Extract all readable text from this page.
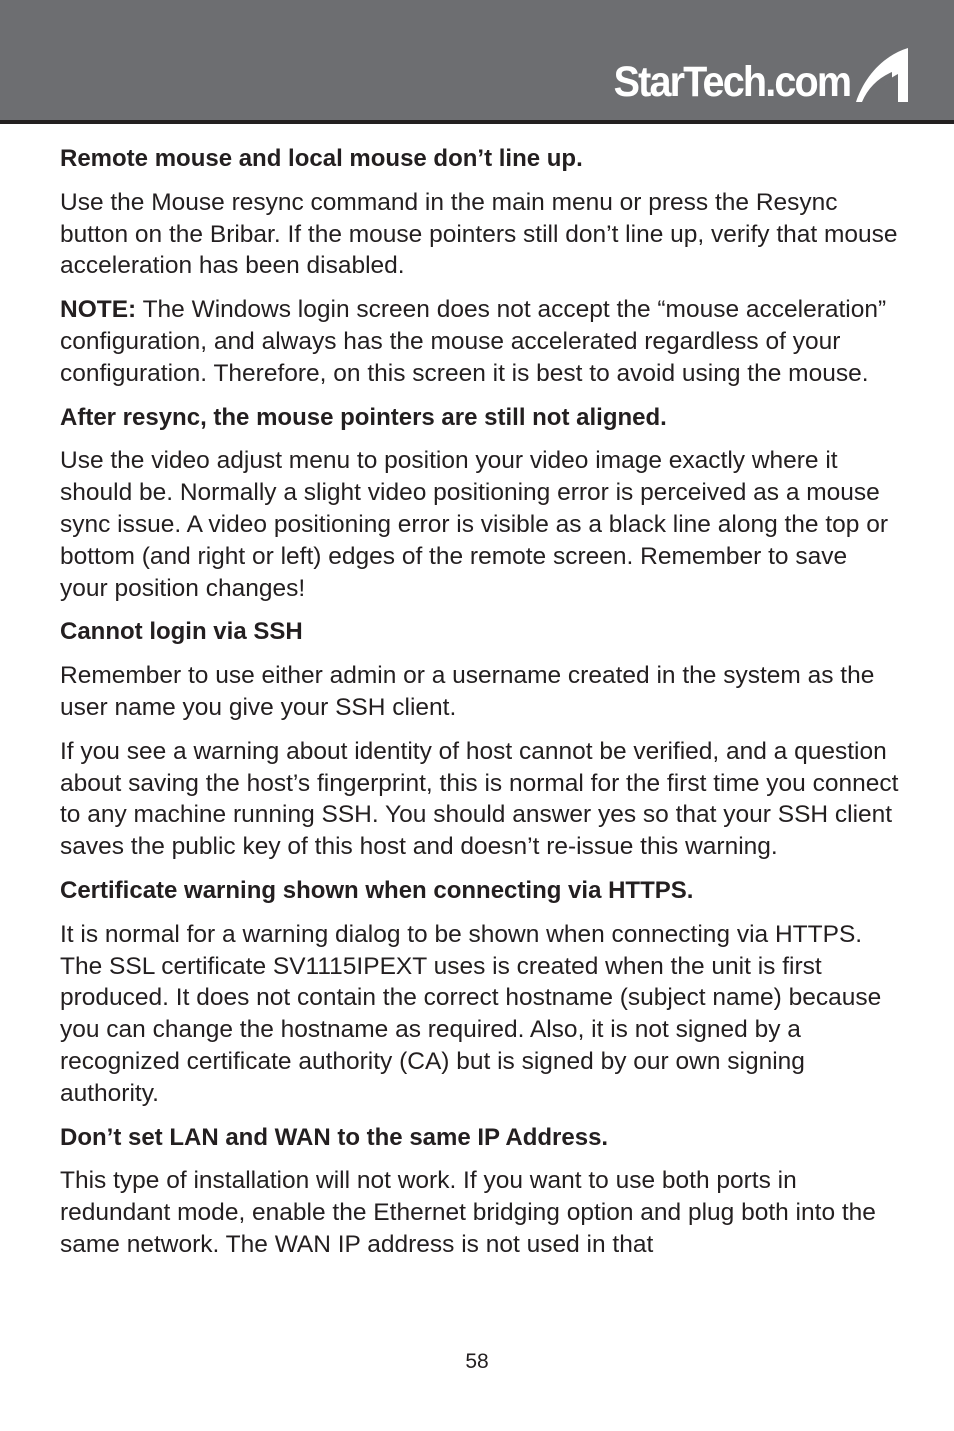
StarTech.com
Remote mouse and local mouse don’t line up.

Use the Mouse resync command in the main menu or press the Resync button on the Bribar. If the mouse pointers still don’t line up, verify that mouse acceleration has been disabled.

NOTE: The Windows login screen does not accept the “mouse acceleration” configuration, and always has the mouse accelerated regardless of your configuration. Therefore, on this screen it is best to avoid using the mouse.

After resync, the mouse pointers are still not aligned.

Use the video adjust menu to position your video image exactly where it should be. Normally a slight video positioning error is perceived as a mouse sync issue. A video positioning error is visible as a black line along the top or bottom (and right or left) edges of the remote screen. Remember to save your position changes!

Cannot login via SSH

Remember to use either admin or a username created in the system as the user name you give your SSH client.

If you see a warning about identity of host cannot be verified, and a question about saving the host’s fingerprint, this is normal for the first time you connect to any machine running SSH. You should answer yes so that your SSH client saves the public key of this host and doesn’t re-issue this warning.

Certificate warning shown when connecting via HTTPS.

It is normal for a warning dialog to be shown when connecting via HTTPS. The SSL certificate SV1115IPEXT uses is created when the unit is first produced. It does not contain the correct hostname (subject name) because you can change the hostname as required. Also, it is not signed by a recognized certificate authority (CA) but is signed by our own signing authority.

Don’t set LAN and WAN to the same IP Address.

This type of installation will not work. If you want to use both ports in redundant mode, enable the Ethernet bridging option and plug both into the same network. The WAN IP address is not used in that

58
